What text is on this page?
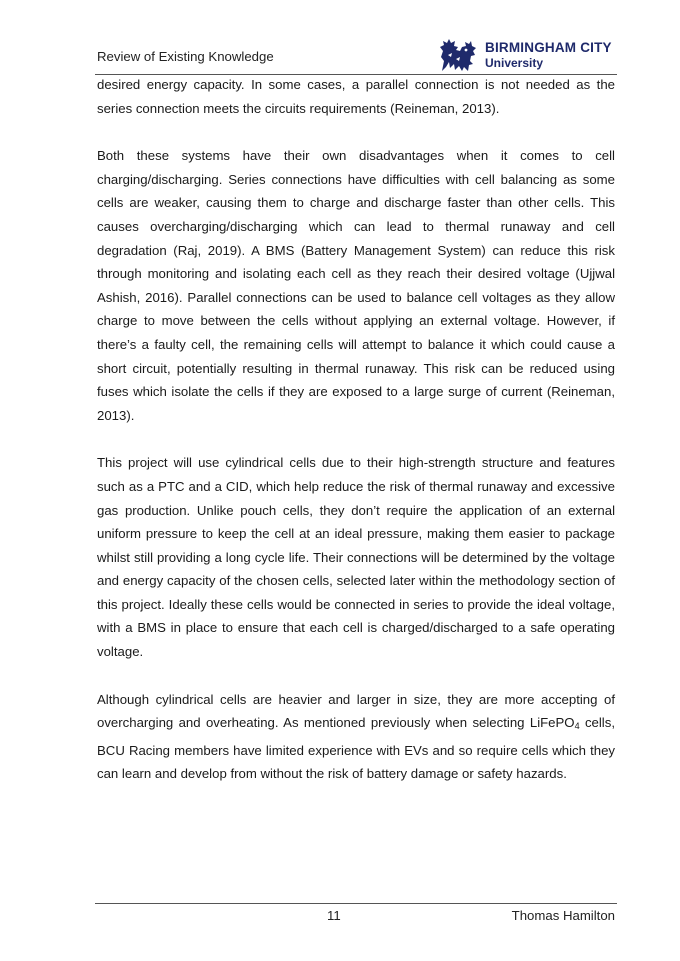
Review of Existing Knowledge
BIRMINGHAM CITY
University

desired energy capacity. In some cases, a parallel connection is not needed as the series connection meets the circuits requirements (Reineman, 2013).

Both these systems have their own disadvantages when it comes to cell charging/discharging. Series connections have difficulties with cell balancing as some cells are weaker, causing them to charge and discharge faster than other cells. This causes overcharging/discharging which can lead to thermal runaway and cell degradation (Raj, 2019). A BMS (Battery Management System) can reduce this risk through monitoring and isolating each cell as they reach their desired voltage (Ujjwal Ashish, 2016). Parallel connections can be used to balance cell voltages as they allow charge to move between the cells without applying an external voltage. However, if there’s a faulty cell, the remaining cells will attempt to balance it which could cause a short circuit, potentially resulting in thermal runaway. This risk can be reduced using fuses which isolate the cells if they are exposed to a large surge of current (Reineman, 2013).

This project will use cylindrical cells due to their high-strength structure and features such as a PTC and a CID, which help reduce the risk of thermal runaway and excessive gas production. Unlike pouch cells, they don’t require the application of an external uniform pressure to keep the cell at an ideal pressure, making them easier to package whilst still providing a long cycle life. Their connections will be determined by the voltage and energy capacity of the chosen cells, selected later within the methodology section of this project. Ideally these cells would be connected in series to provide the ideal voltage, with a BMS in place to ensure that each cell is charged/discharged to a safe operating voltage.

Although cylindrical cells are heavier and larger in size, they are more accepting of overcharging and overheating. As mentioned previously when selecting LiFePO$_4$ cells, BCU Racing members have limited experience with EVs and so require cells which they can learn and develop from without the risk of battery damage or safety hazards.

11	Thomas Hamilton
